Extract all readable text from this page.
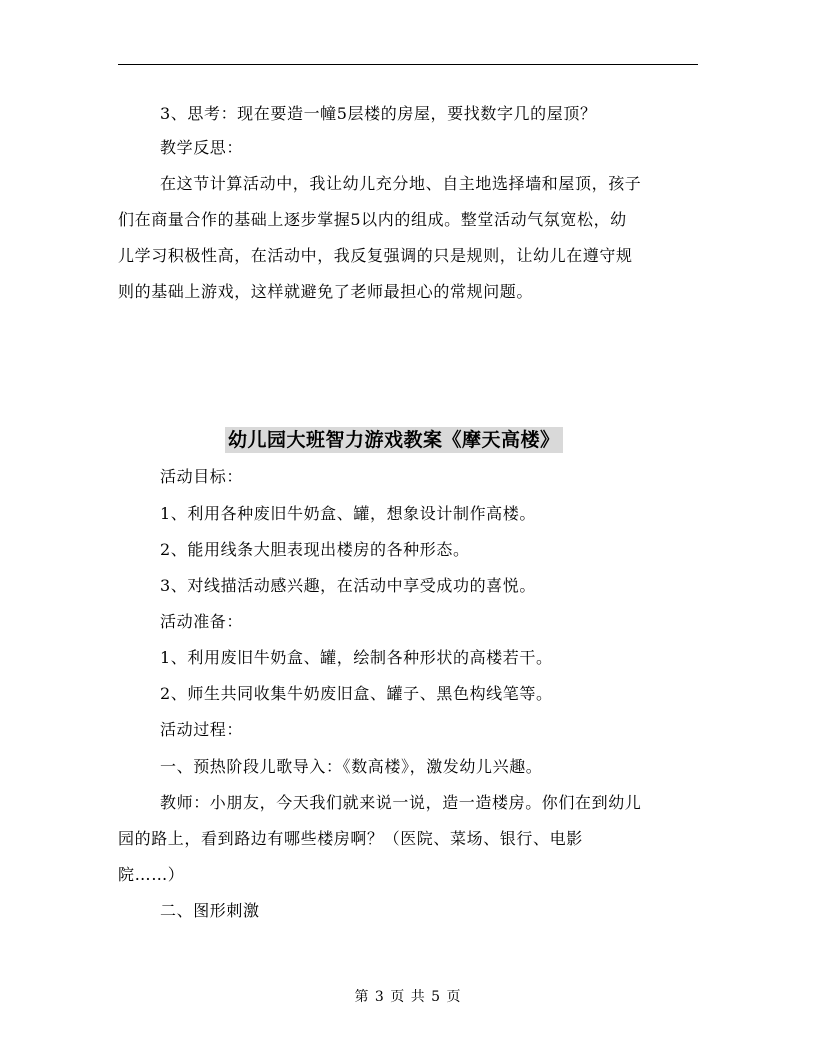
3、思考：现在要造一幢5层楼的房屋，要找数字几的屋顶？
教学反思：
在这节计算活动中，我让幼儿充分地、自主地选择墙和屋顶，孩子
们在商量合作的基础上逐步掌握5以内的组成。整堂活动气氛宽松，幼
儿学习积极性高，在活动中，我反复强调的只是规则，让幼儿在遵守规
则的基础上游戏，这样就避免了老师最担心的常规问题。
幼儿园大班智力游戏教案《摩天高楼》
活动目标：
1、利用各种废旧牛奶盒、罐，想象设计制作高楼。
2、能用线条大胆表现出楼房的各种形态。
3、对线描活动感兴趣，在活动中享受成功的喜悦。
活动准备：
1、利用废旧牛奶盒、罐，绘制各种形状的高楼若干。
2、师生共同收集牛奶废旧盒、罐子、黑色构线笔等。
活动过程：
一、预热阶段儿歌导入：《数高楼》，激发幼儿兴趣。
教师：小朋友，今天我们就来说一说，造一造楼房。你们在到幼儿
园的路上，看到路边有哪些楼房啊？（医院、菜场、银行、电影
院……）
二、图形刺激
第 3 页 共 5 页
